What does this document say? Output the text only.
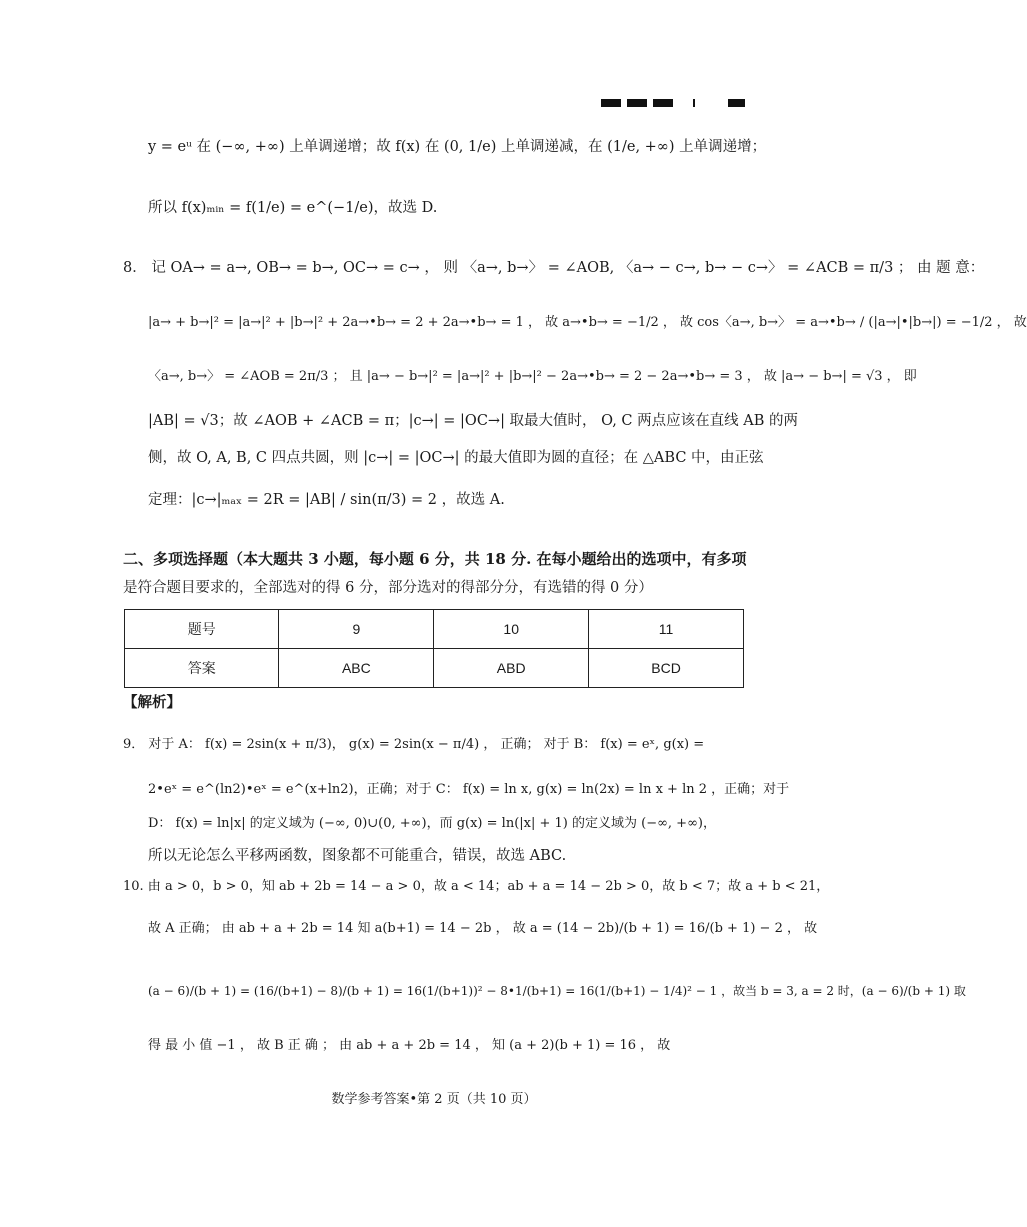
y = eᵘ 在 (−∞, +∞) 上单调递增；故 f(x) 在 (0, 1/e) 上单调递减，在 (1/e, +∞) 上单调递增；
所以 f(x)ₘᵢₙ = f(1/e) = e^(−1/e)，故选 D.
8． 记 OA→ = a→, OB→ = b→, OC→ = c→ ， 则 〈a→, b→〉 = ∠AOB, 〈a→ − c→, b→ − c→〉 = ∠ACB = π/3 ； 由 题 意：
|a→ + b→|² = |a→|² + |b→|² + 2a→•b→ = 2 + 2a→•b→ = 1 ， 故 a→•b→ = −1/2 ， 故 cos〈a→, b→〉 = a→•b→ / (|a→|•|b→|) = −1/2 ， 故
〈a→, b→〉 = ∠AOB = 2π/3 ； 且 |a→ − b→|² = |a→|² + |b→|² − 2a→•b→ = 2 − 2a→•b→ = 3 ， 故 |a→ − b→| = √3 ， 即
|AB| = √3；故 ∠AOB + ∠ACB = π；|c→| = |OC→| 取最大值时， O, C 两点应该在直线 AB 的两
侧，故 O, A, B, C 四点共圆，则 |c→| = |OC→| 的最大值即为圆的直径；在 △ABC 中，由正弦
定理：|c→|ₘₐₓ = 2R = |AB| / sin(π/3) = 2 ，故选 A.
二、多项选择题（本大题共 3 小题，每小题 6 分，共 18 分. 在每小题给出的选项中，有多项
是符合题目要求的，全部选对的得 6 分，部分选对的得部分分，有选错的得 0 分）
题号	9	10	11
答案	ABC	ABD	BCD
【解析】
9． 对于 A： f(x) = 2sin(x + π/3)， g(x) = 2sin(x − π/4) ， 正确； 对于 B： f(x) = eˣ, g(x) =
2•eˣ = e^(ln2)•eˣ = e^(x+ln2)，正确；对于 C： f(x) = ln x, g(x) = ln(2x) = ln x + ln 2 ，正确；对于
D： f(x) = ln|x| 的定义域为 (−∞, 0)∪(0, +∞)，而 g(x) = ln(|x| + 1) 的定义域为 (−∞, +∞)，
所以无论怎么平移两函数，图象都不可能重合，错误，故选 ABC.
10. 由 a > 0，b > 0，知 ab + 2b = 14 − a > 0，故 a < 14；ab + a = 14 − 2b > 0，故 b < 7；故 a + b < 21，
故 A 正确； 由 ab + a + 2b = 14 知 a(b+1) = 14 − 2b ， 故 a = (14 − 2b)/(b + 1) = 16/(b + 1) − 2 ， 故
(a − 6)/(b + 1) = (16/(b+1) − 8)/(b + 1) = 16(1/(b+1))² − 8•1/(b+1) = 16(1/(b+1) − 1/4)² − 1 ，故当 b = 3, a = 2 时，(a − 6)/(b + 1) 取
得 最 小 值 −1 ， 故 B 正 确 ； 由 ab + a + 2b = 14 ， 知 (a + 2)(b + 1) = 16 ， 故
数学参考答案•第 2 页（共 10 页）
